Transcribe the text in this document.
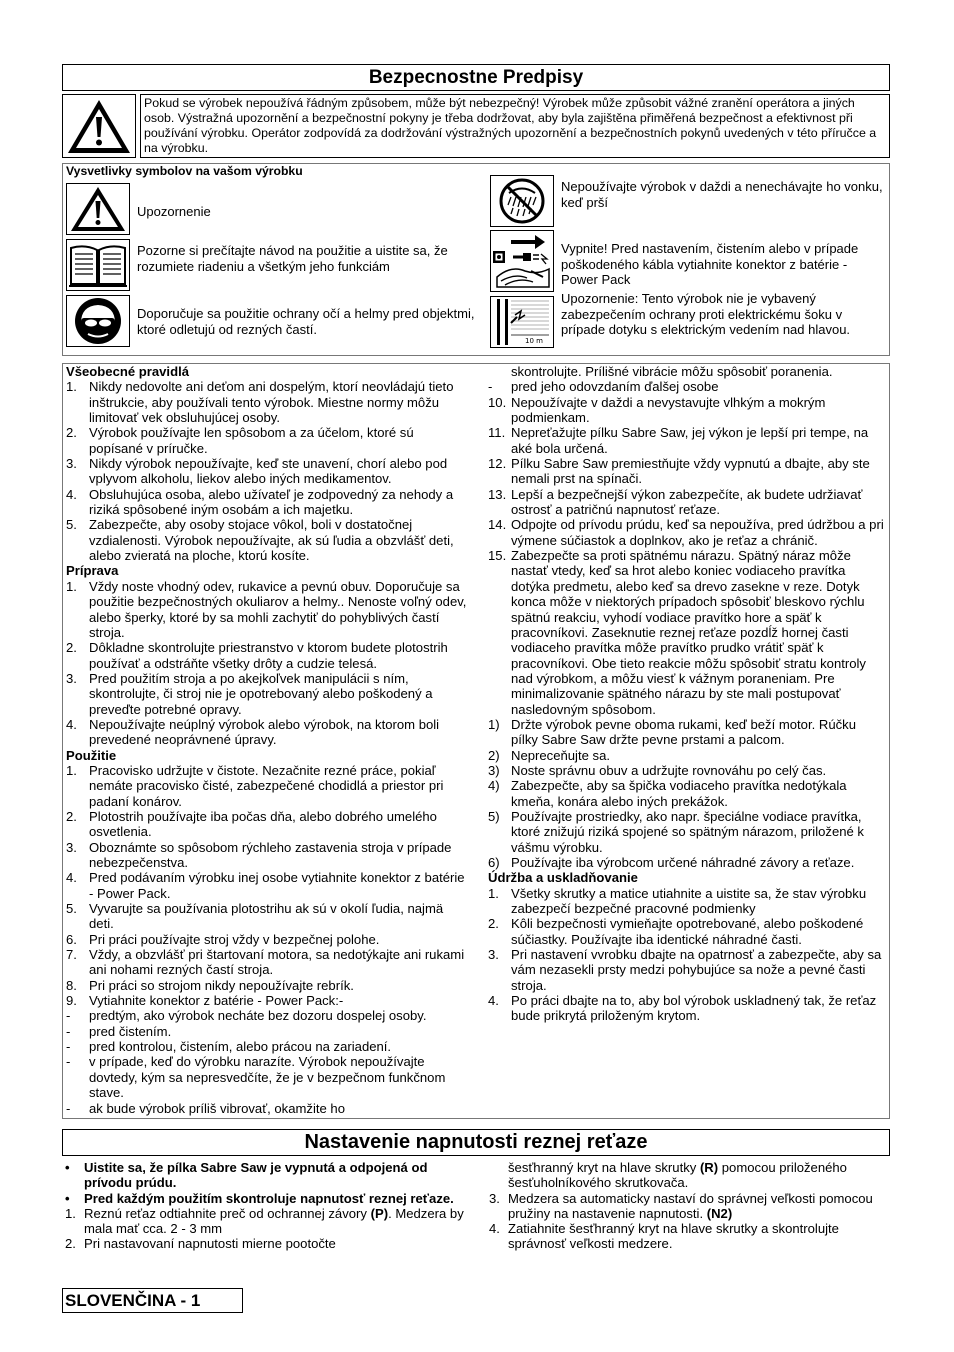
Bezpecnostne Predpisy
Pokud se výrobek nepoužívá řádným způsobem, může být nebezpečný! Výrobek může způsobit vážné zranění operátora a jiných osob. Výstražná upozornění a bezpečnostní pokyny je třeba dodržovat, aby byla zajištěna přiměřená bezpečnost a efektivnost při používání výrobku. Operátor zodpovídá za dodržování výstražných upozornění a bezpečnostních pokynů uvedených v této příručce a na výrobku.
Vysvetlivky symbolov na vašom výrobku
Upozornenie
Pozorne si prečítajte návod na použitie a uistite sa, že rozumiete riadeniu a všetkým jeho funkciám
Doporučuje sa použitie ochrany očí a helmy pred objektmi, ktoré odletujú od rezných častí.
Nepoužívajte výrobok v daždi a nenechávajte ho vonku, keď prší
Vypnite! Pred nastavením, čistením alebo v prípade poškodeného kábla vytiahnite konektor z batérie - Power Pack
10 m
Upozornenie: Tento výrobok nie je vybavený zabezpečením ochrany proti elektrickému šoku v prípade dotyku s elektrickým vedením nad hlavou.

Všeobecné pravidlá

1. Nikdy nedovolte ani deťom ani dospelým, ktorí neovládajú tieto inštrukcie, aby používali tento výrobok. Miestne normy môžu limitovať vek obsluhujúcej osoby.
2. Výrobok používajte len spôsobom a za účelom, ktoré sú popísané v príručke.
3. Nikdy výrobok nepoužívajte, keď ste unavení, chorí alebo pod vplyvom alkoholu, liekov alebo iných medikamentov.
4. Obsluhujúca osoba, alebo užívateľ je zodpovedný za nehody a riziká spôsobené iným osobám a ich majetku.
5. Zabezpečte, aby osoby stojace vôkol, boli v dostatočnej vzdialenosti. Výrobok nepoužívajte, ak sú ľudia a obzvlášť deti, alebo zvieratá na ploche, ktorú kosíte.

Príprava

1. Vždy noste vhodný odev, rukavice a pevnú obuv. Doporučuje sa použitie bezpečnostných okuliarov a helmy.. Nenoste voľný odev, alebo šperky, ktoré by sa mohli zachytiť do pohyblivých častí stroja.
2. Dôkladne skontrolujte priestranstvo v ktorom budete plotostrih používať a odstráňte všetky drôty a cudzie telesá.
3. Pred použitím stroja a po akejkoľvek manipulácii s ním, skontrolujte, či stroj nie je opotrebovaný alebo poškodený a preveďte potrebné opravy.
4. Nepoužívajte neúplný výrobok alebo výrobok, na ktorom boli prevedené neoprávnené úpravy.

Použitie

1. Pracovisko udržujte v čistote. Nezačnite rezné práce, pokiaľ nemáte pracovisko čisté, zabezpečené chodidlá a priestor pri padaní konárov.
2. Plotostrih používajte iba počas dňa, alebo dobrého umelého osvetlenia.
3. Oboznámte so spôsobom rýchleho zastavenia stroja v prípade nebezpečenstva.
4. Pred podávaním výrobku inej osobe vytiahnite konektor z batérie - Power Pack.
5. Vyvarujte sa používania plotostrihu ak sú v okolí ľudia, najmä deti.
6. Pri práci používajte stroj vždy v bezpečnej polohe.
7. Vždy, a obzvlášť pri štartovaní motora, sa nedotýkajte ani rukami ani nohami rezných častí stroja.
8. Pri práci so strojom nikdy nepoužívajte rebrík.
9. Vytiahnite konektor z batérie - Power Pack:-
- predtým, ako výrobok necháte bez dozoru dospelej osoby.
- pred čistením.
- pred kontrolou, čistením, alebo prácou na zariadení.
- v prípade, keď do výrobku narazíte. Výrobok nepoužívajte dovtedy, kým sa nepresvedčíte, že je v bezpečnom funkčnom stave.
- ak bude výrobok príliš vibrovať, okamžite ho

skontrolujte. Prílišné vibrácie môžu spôsobiť poranenia.

- pred jeho odovzdaním ďalšej osobe
10. Nepoužívajte v daždi a nevystavujte vlhkým a mokrým podmienkam.
11. Nepreťažujte pílku Sabre Saw, jej výkon je lepší pri tempe, na aké bola určená.
12. Pílku Sabre Saw premiestňujte vždy vypnutú a dbajte, aby ste nemali prst na spínači.
13. Lepší a bezpečnejší výkon zabezpečíte, ak budete udržiavať ostrosť a patričnú napnutosť reťaze.
14. Odpojte od prívodu prúdu, keď sa nepoužíva, pred údržbou a pri výmene súčiastok a doplnkov, ako je reťaz a chránič.
15. Zabezpečte sa proti spätnému nárazu. Spätný náraz môže nastať vtedy, keď sa hrot alebo koniec vodiaceho pravítka dotýka predmetu, alebo keď sa drevo zasekne v reze. Dotyk konca môže v niektorých prípadoch spôsobiť bleskovo rýchlu spätnú reakciu, vyhodí vodiace pravítko hore a späť k pracovníkovi. Zaseknutie reznej reťaze pozdĺž hornej časti vodiaceho pravítka môže pravítko prudko vrátiť späť k pracovníkovi. Obe tieto reakcie môžu spôsobiť stratu kontroly nad výrobkom, a môžu viesť k vážnym poraneniam. Pre minimalizovanie spätného nárazu by ste mali postupovať nasledovným spôsobom.
1) Držte výrobok pevne oboma rukami, keď beží motor. Rúčku pílky Sabre Saw držte pevne prstami a palcom.
2) Nepreceňujte sa.
3) Noste správnu obuv a udržujte rovnováhu po celý čas.
4) Zabezpečte, aby sa špička vodiaceho pravítka nedotýkala kmeňa, konára alebo iných prekážok.
5) Používajte prostriedky, ako napr. špeciálne vodiace pravítka, ktoré znižujú riziká spojené so spätným nárazom, priložené k vášmu výrobku.
6) Používajte iba výrobcom určené náhradné závory a reťaze.

Údržba a uskladňovanie

1. Všetky skrutky a matice utiahnite a uistite sa, že stav výrobku zabezpečí bezpečné pracovné podmienky
2. Kôli bezpečnosti vymieňajte opotrebované, alebo poškodené súčiastky. Používajte iba identické náhradné časti.
3. Pri nastavení vvrobku dbajte na opatrnosť a zabezpečte, aby sa vám nezasekli prsty medzi pohybujúce sa nože a pevné časti stroja.
4. Po práci dbajte na to, aby bol výrobok uskladnený tak, že reťaz bude prikrytá priloženým krytom.
Nastavenie napnutosti reznej reťaze
• Uistite sa, že pílka Sabre Saw je vypnutá a odpojená od prívodu prúdu.
• Pred každým použitím skontroluje napnutosť reznej reťaze.
1. Reznú reťaz odtiahnite preč od ochrannej závory (P). Medzera by mala mať cca. 2 - 3 mm
2. Pri nastavovaní napnutosti mierne pootočte
šesťhranný kryt na hlave skrutky (R) pomocou priloženého šesťuholníkového skrutkovača.
3. Medzera sa automaticky nastaví do správnej veľkosti pomocou pružiny na nastavenie napnutosti. (N2)
4. Zatiahnite šesťhranný kryt na hlave skrutky a skontrolujte správnosť veľkosti medzere.
SLOVENČINA - 1
